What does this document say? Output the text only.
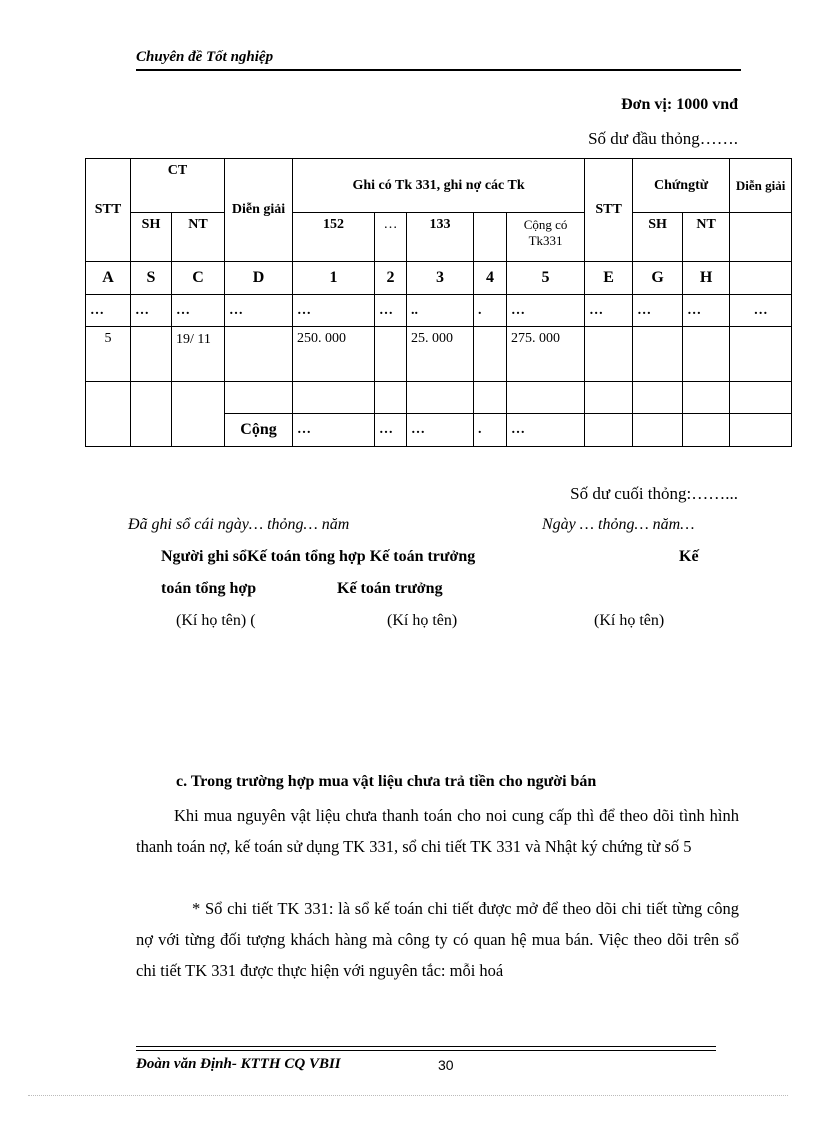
Chuyên đề Tốt nghiệp
Đơn vị: 1000 vnđ
Số dư đầu thỏng…….
STT	CT		Diễn giải	Ghi có Tk 331, ghi nợ các Tk					STT	Chứngtừ		Diễn giải
	SH	NT		152	…	133		Cộng có Tk331		SH	NT	
A	S	C	D	1	2	3	4	5	E	G	H	
…	…	…	…	…	…	..	.	…	…	…	…	…
5		19/ 11		250. 000		25. 000		275. 000				

			Cộng	…	…	…	.	…				
Số dư cuối thỏng:……...
Đã ghi sổ cái ngày… thỏng… năm	Ngày … thỏng… năm…
Người ghi sổKế toán tổng hợp Kế toán trưởng	Kế
toán tổng hợp	Kế toán trưởng
(Kí họ tên) (	(Kí họ tên)	(Kí họ tên)
c. Trong trường hợp mua vật liệu chưa trả tiền cho người bán
Khi mua nguyên vật liệu chưa thanh toán cho noi cung cấp thì để theo dõi tình hình thanh toán nợ, kế toán sử dụng TK 331, sổ chi tiết TK 331 và Nhật ký chứng từ số 5
* Sổ chi tiết TK 331: là sổ kế toán chi tiết được mở để theo dõi chi tiết từng công nợ với từng đối tượng khách hàng mà công ty có quan hệ mua bán. Việc theo dõi trên sổ chi tiết TK 331 được thực hiện với nguyên tắc: mỗi hoá
Đoàn văn Định- KTTH CQ VBII	30
